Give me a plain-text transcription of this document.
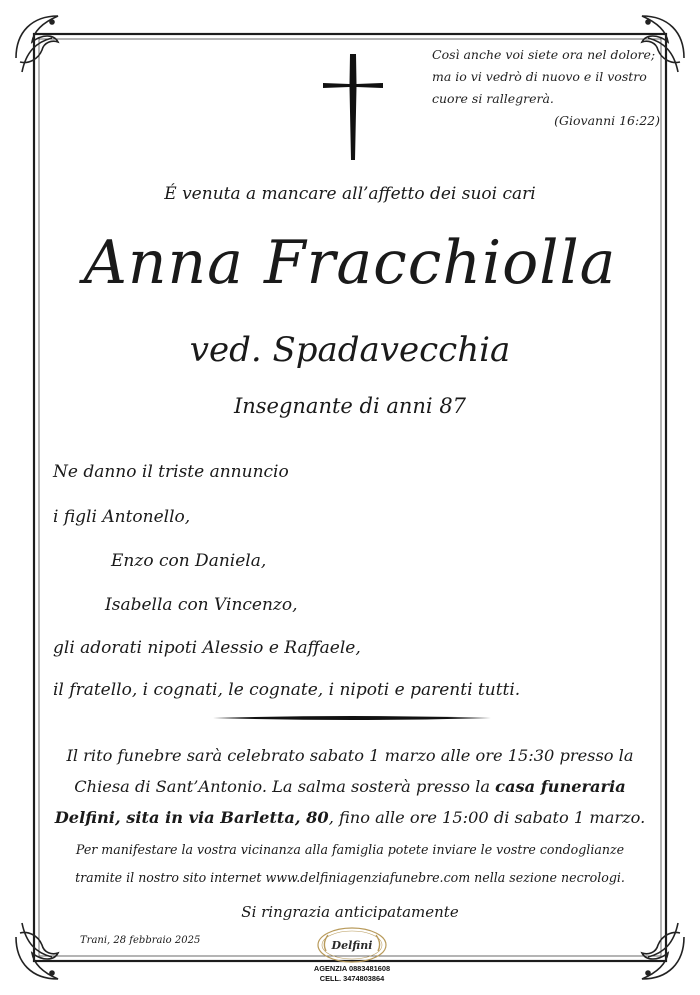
Così anche voi siete ora nel dolore;
ma io vi vedrò di nuovo e il vostro
cuore si rallegrerà.
(Giovanni 16:22)
É venuta a mancare all’affetto dei suoi cari
Anna Fracchiolla
ved. Spadavecchia
Insegnante di anni 87
Ne danno il triste annuncio
i figli Antonello,
Enzo con Daniela,
Isabella con Vincenzo,
gli adorati nipoti Alessio e Raffaele,
il fratello, i cognati, le cognate, i nipoti e parenti tutti.
Il rito funebre sarà celebrato sabato 1 marzo alle ore 15:30 presso la
Chiesa di Sant’Antonio. La salma sosterà presso la casa funeraria
Delfini, sita in via Barletta, 80, fino alle ore 15:00 di sabato 1 marzo.
Per manifestare la vostra vicinanza alla famiglia potete inviare le vostre condoglianze
tramite il nostro sito internet www.delfiniagenziafunebre.com nella sezione necrologi.
Si ringrazia anticipatamente
Trani, 28 febbraio 2025	Delfini
AGENZIA 0883481608
CELL. 3474803864
